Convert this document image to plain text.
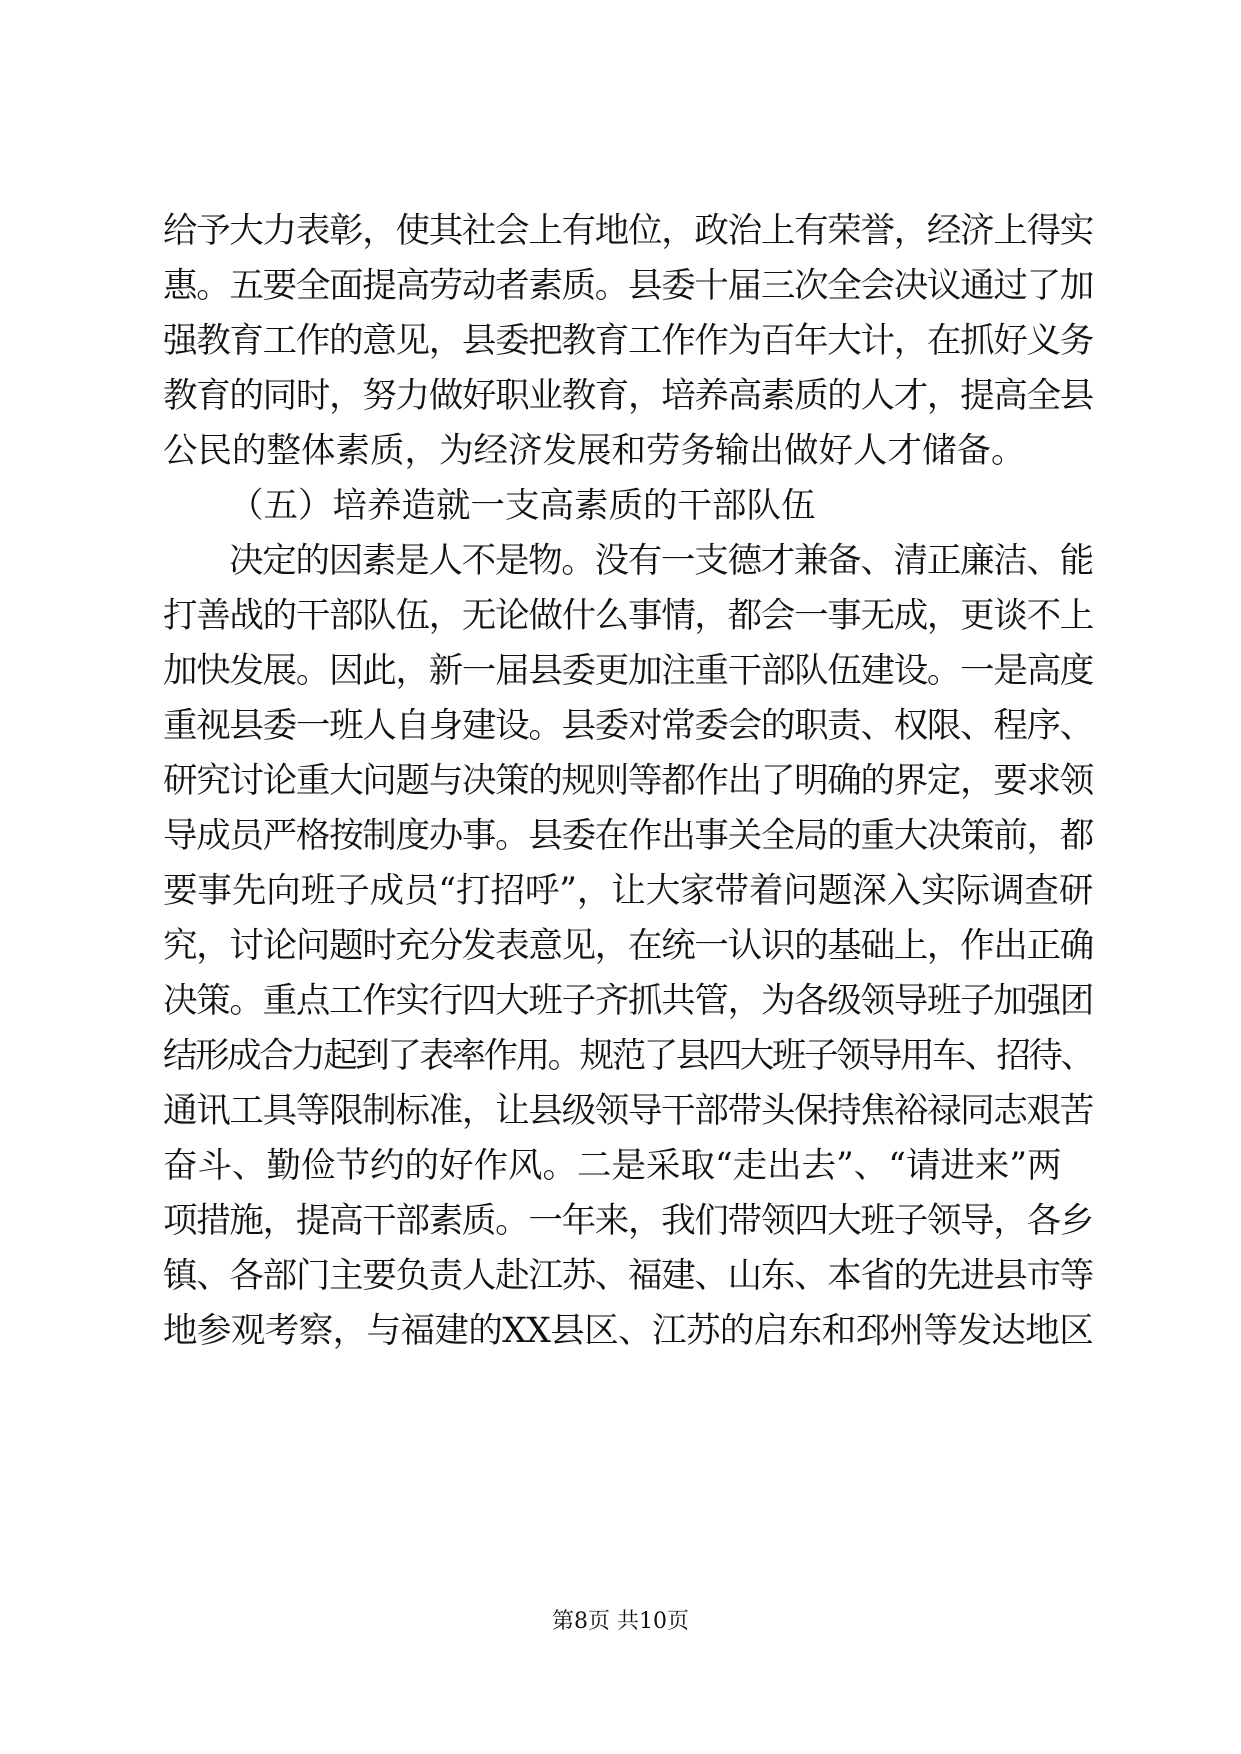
给予大力表彰，使其社会上有地位，政治上有荣誉，经济上得实
惠。五要全面提高劳动者素质。县委十届三次全会决议通过了加
强教育工作的意见，县委把教育工作作为百年大计，在抓好义务
教育的同时，努力做好职业教育，培养高素质的人才，提高全县
公民的整体素质，为经济发展和劳务输出做好人才储备。
（五）培养造就一支高素质的干部队伍
决定的因素是人不是物。没有一支德才兼备、清正廉洁、能
打善战的干部队伍，无论做什么事情，都会一事无成，更谈不上
加快发展。因此，新一届县委更加注重干部队伍建设。一是高度
重视县委一班人自身建设。县委对常委会的职责、权限、程序、
研究讨论重大问题与决策的规则等都作出了明确的界定，要求领
导成员严格按制度办事。县委在作出事关全局的重大决策前，都
要事先向班子成员“打招呼”，让大家带着问题深入实际调查研
究，讨论问题时充分发表意见，在统一认识的基础上，作出正确
决策。重点工作实行四大班子齐抓共管，为各级领导班子加强团
结形成合力起到了表率作用。规范了县四大班子领导用车、招待、
通讯工具等限制标准，让县级领导干部带头保持焦裕禄同志艰苦
奋斗、勤俭节约的好作风。二是采取“走出去”、“请进来”两
项措施，提高干部素质。一年来，我们带领四大班子领导，各乡
镇、各部门主要负责人赴江苏、福建、山东、本省的先进县市等
地参观考察，与福建的XX县区、江苏的启东和邳州等发达地区
第8页 共10页
